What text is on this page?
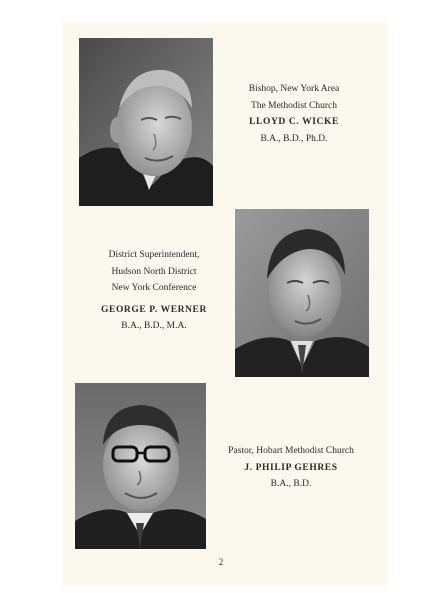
Bishop, New York Area
The Methodist Church
LLOYD C. WICKE
B.A., B.D., Ph.D.
District Superintendent,
Hudson North District
New York Conference
GEORGE P. WERNER
B.A., B.D., M.A.
Pastor, Hobart Methodist Church
J. PHILIP GEHRES
B.A., B.D.
2
